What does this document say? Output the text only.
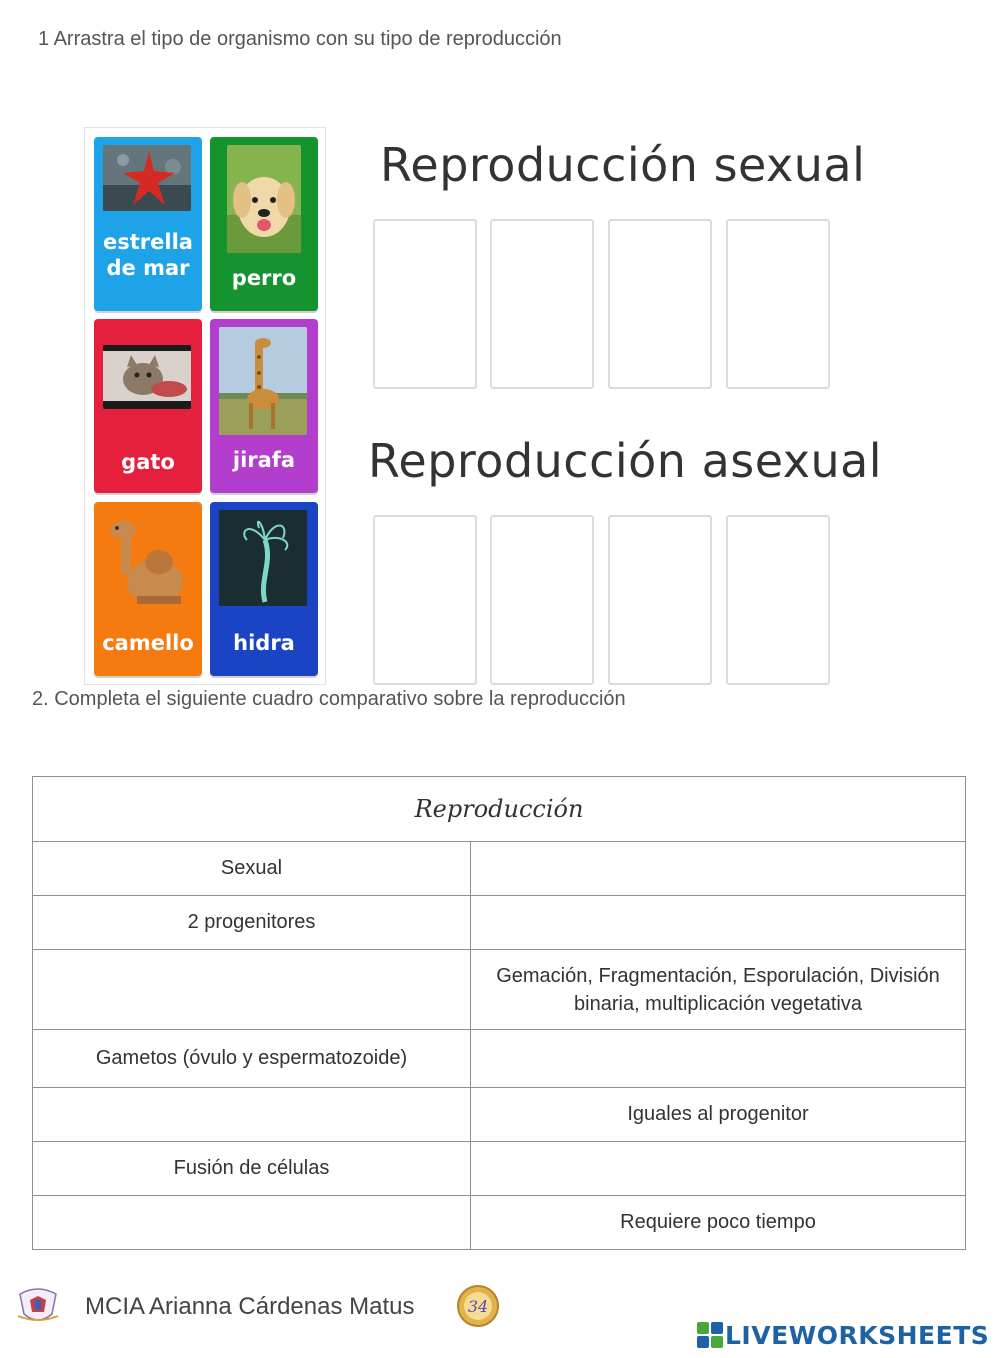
1 Arrastra el tipo de organismo con su tipo de reproducción
estrella de mar	perro
gato	jirafa
camello	hidra
Reproducción sexual
Reproducción asexual
2. Completa el siguiente cuadro comparativo sobre la reproducción
Reproducción	
Sexual	
2 progenitores	
	Gemación, Fragmentación, Esporulación, División binaria, multiplicación vegetativa
Gametos (óvulo y espermatozoide)	
	Iguales al progenitor
Fusión de células	
	Requiere poco tiempo
MCIA Arianna Cárdenas Matus	34
LIVEWORKSHEETS
